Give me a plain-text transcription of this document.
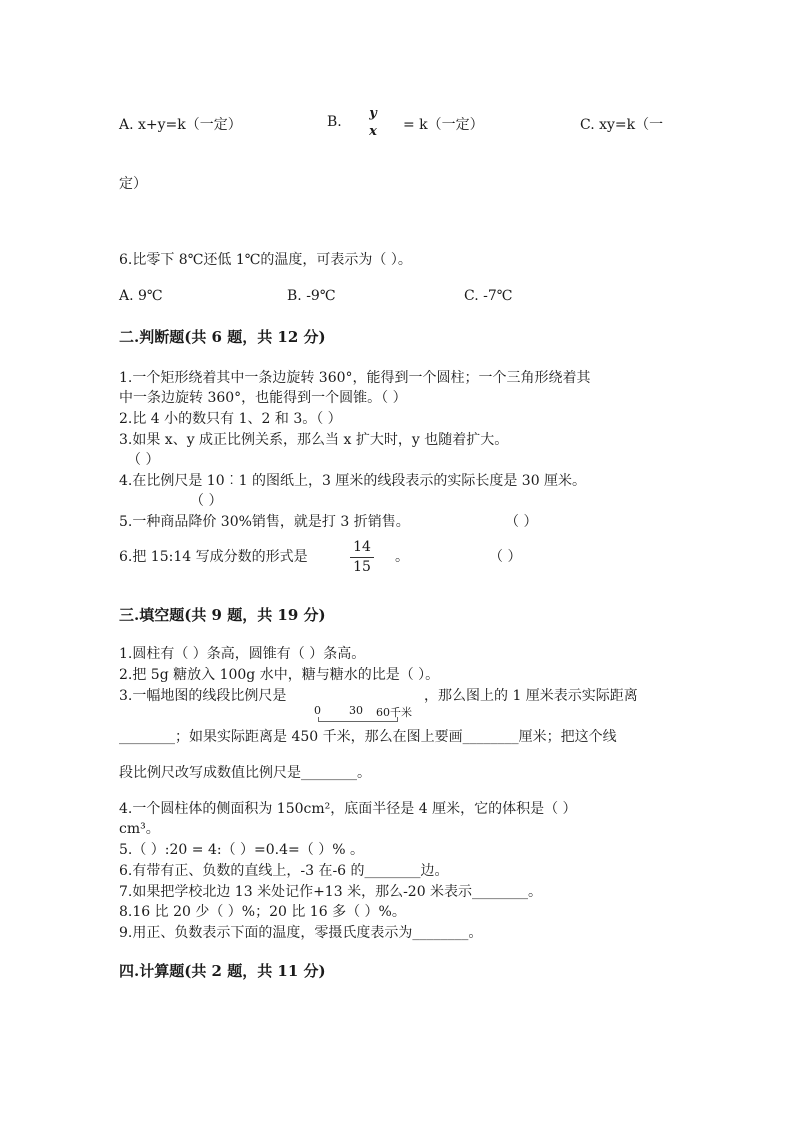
A. x+y=k（一定）	B.
y
x	= k（一定）	C. xy=k（一
定）
6.比零下 8℃还低 1℃的温度，可表示为（ ）。
A. 9℃	B. -9℃	C. -7℃
二.判断题(共 6 题，共 12 分)
1.一个矩形绕着其中一条边旋转 360°，能得到一个圆柱；一个三角形绕着其
中一条边旋转 360°，也能得到一个圆锥。（ ）
2.比 4 小的数只有 1、2 和 3。（ ）
3.如果 x、y 成正比例关系，那么当 x 扩大时，y 也随着扩大。
（ ）
4.在比例尺是 10︰1 的图纸上，3 厘米的线段表示的实际长度是 30 厘米。
（ ）
5.一种商品降价 30%销售，就是打 3 折销售。	（ ）
6.把 15:14 写成分数的形式是
14
15
。	（ ）
三.填空题(共 9 题，共 19 分)
1.圆柱有（ ）条高，圆锥有（ ）条高。
2.把 5g 糖放入 100g 水中，糖与糖水的比是（ ）。
3.一幅地图的线段比例尺是	，那么图上的 1 厘米表示实际距离
0	30 60千米
________；如果实际距离是 450 千米，那么在图上要画________厘米；把这个线
段比例尺改写成数值比例尺是________。
4.一个圆柱体的侧面积为 150cm²，底面半径是 4 厘米，它的体积是（ ）
cm³。
5.（ ）:20 = 4:（ ）=0.4=（ ）% 。
6.有带有正、负数的直线上，-3 在-6 的________边。
7.如果把学校北边 13 米处记作+13 米，那么-20 米表示________。
8.16 比 20 少（ ）%；20 比 16 多（ ）%。
9.用正、负数表示下面的温度，零摄氏度表示为________。
四.计算题(共 2 题，共 11 分)
